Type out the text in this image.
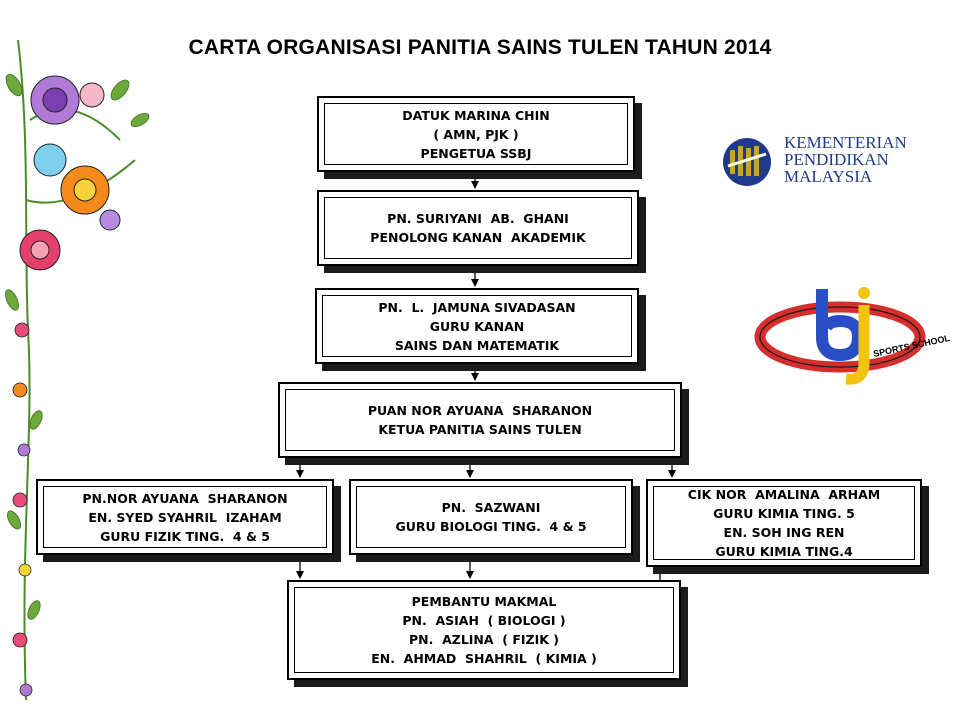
CARTA ORGANISASI PANITIA SAINS TULEN TAHUN 2014
DATUK MARINA CHIN
( AMN, PJK )
PENGETUA SSBJ
PN. SURIYANI  AB.  GHANI
PENOLONG KANAN  AKADEMIK
PN.  L.  JAMUNA SIVADASAN
GURU KANAN
SAINS DAN MATEMATIK
PUAN NOR AYUANA  SHARANON
KETUA PANITIA SAINS TULEN
PN.NOR AYUANA  SHARANON
EN. SYED SYAHRIL  IZAHAM
GURU FIZIK TING.  4 & 5
PN.  SAZWANI
GURU BIOLOGI TING.  4 & 5
CIK NOR  AMALINA  ARHAM
GURU KIMIA TING. 5
EN. SOH ING REN
GURU KIMIA TING.4
PEMBANTU MAKMAL
PN.  ASIAH  ( BIOLOGI )
PN.  AZLINA  ( FIZIK )
EN.  AHMAD  SHAHRIL  ( KIMIA )
KEMENTERIAN
PENDIDIKAN
MALAYSIA
SPORTS SCHOOL
